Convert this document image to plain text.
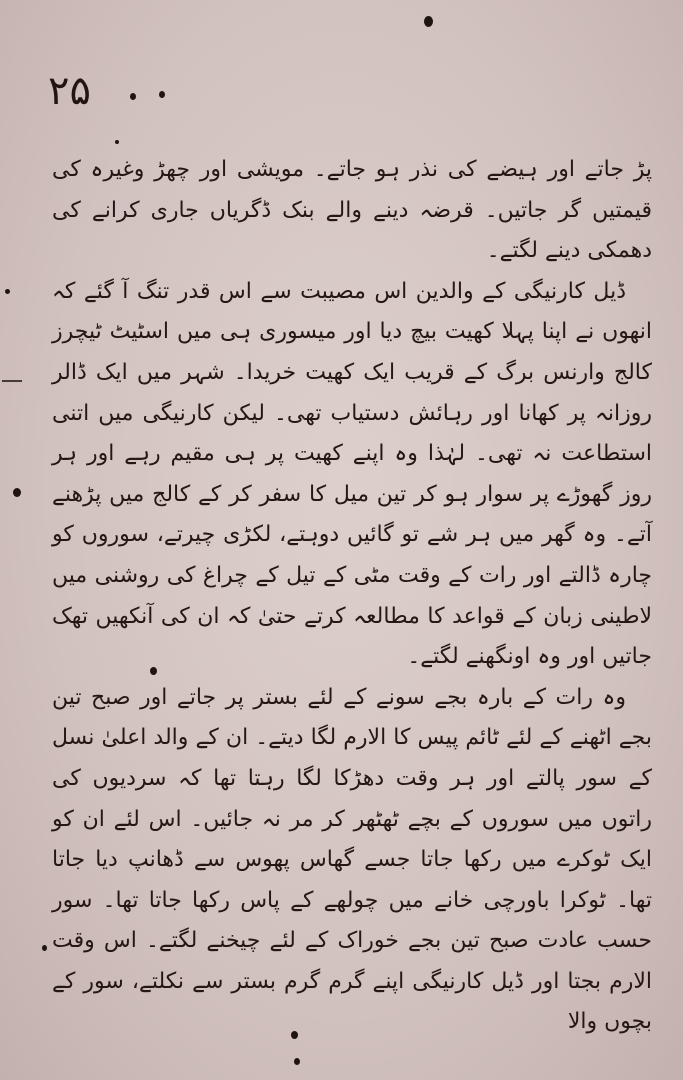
۲۵

پڑ جاتے اور ہیضے کی نذر ہو جاتے۔ مویشی اور چھڑ وغیرہ کی قیمتیں گر جاتیں۔ قرضہ دینے والے بنک ڈگریاں جاری کرانے کی دھمکی دینے لگتے۔

ڈیل کارنیگی کے والدین اس مصیبت سے اس قدر تنگ آ گئے کہ انھوں نے اپنا پہلا کھیت بیچ دیا اور میسوری ہی میں اسٹیٹ ٹیچرز کالج وارنس برگ کے قریب ایک کھیت خریدا۔ شہر میں ایک ڈالر روزانہ پر کھانا اور رہائش دستیاب تھی۔ لیکن کارنیگی میں اتنی استطاعت نہ تھی۔ لہٰذا وہ اپنے کھیت پر ہی مقیم رہے اور ہر روز گھوڑے پر سوار ہو کر تین میل کا سفر کر کے کالج میں پڑھنے آتے۔ وہ گھر میں ہر شے تو گائیں دوہتے، لکڑی چیرتے، سوروں کو چارہ ڈالتے اور رات کے وقت مٹی کے تیل کے چراغ کی روشنی میں لاطینی زبان کے قواعد کا مطالعہ کرتے حتیٰ کہ ان کی آنکھیں تھک جاتیں اور وہ اونگھنے لگتے۔

وہ رات کے بارہ بجے سونے کے لئے بستر پر جاتے اور صبح تین بجے اٹھنے کے لئے ٹائم پیس کا الارم لگا دیتے۔ ان کے والد اعلیٰ نسل کے سور پالتے اور ہر وقت دھڑکا لگا رہتا تھا کہ سردیوں کی راتوں میں سوروں کے بچے ٹھٹھر کر مر نہ جائیں۔ اس لئے ان کو ایک ٹوکرے میں رکھا جاتا جسے گھاس پھوس سے ڈھانپ دیا جاتا تھا۔ ٹوکرا باورچی خانے میں چولھے کے پاس رکھا جاتا تھا۔ سور حسب عادت صبح تین بجے خوراک کے لئے چیخنے لگتے۔ اس وقت الارم بجتا اور ڈیل کارنیگی اپنے گرم گرم بستر سے نکلتے، سور کے بچوں والا
